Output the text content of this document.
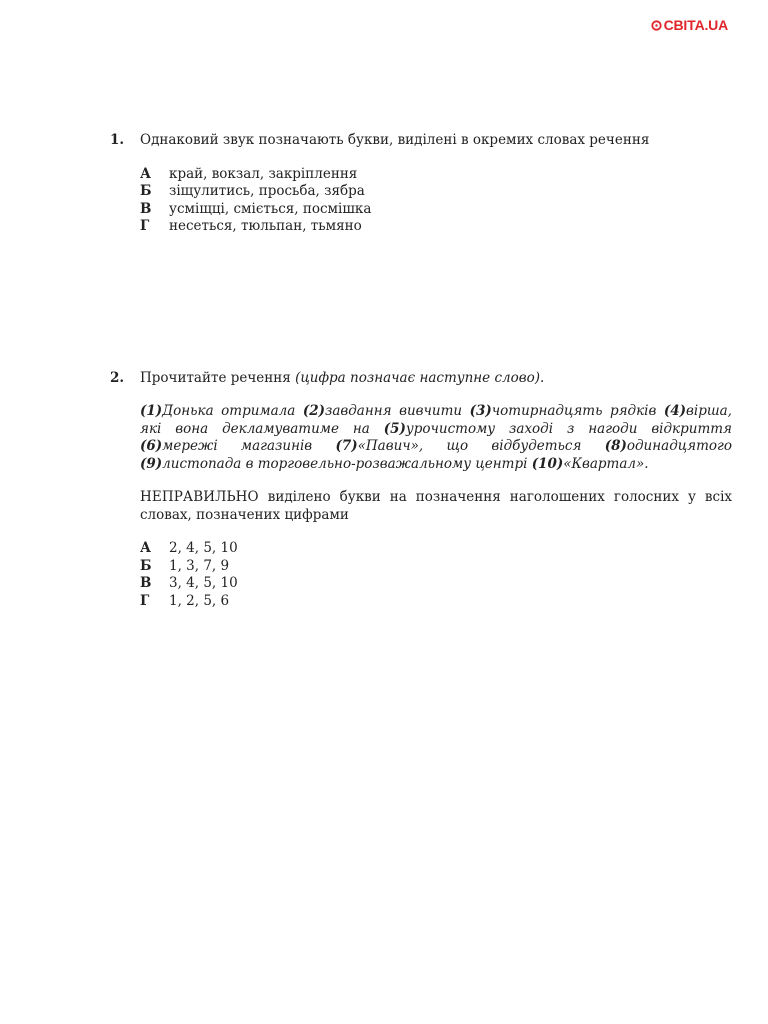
СВІТА.UA
1. Однаковий звук позначають букви, виділені в окремих словах речення

А	край, вокзал, закріплення
Б	зіщулитись, просьба, зябра
В	усміщці, сміється, посмішка
Г	несеться, тюльпан, тьмяно
2. Прочитайте речення (цифра позначає наступне слово).

(1)Донька отримала (2)завдання вивчити (3)чотирнадцять рядків (4)вірша, які вона декламуватиме на (5)урочистому заході з нагоди відкриття (6)мережі магазинів (7)«Павич», що відбудеться (8)одинадцятого (9)листопада в торговельно-розважальному центрі (10)«Квартал».

НЕПРАВИЛЬНО виділено букви на позначення наголошених голосних у всіх словах, позначених цифрами

А	2, 4, 5, 10
Б	1, 3, 7, 9
В	3, 4, 5, 10
Г	1, 2, 5, 6
